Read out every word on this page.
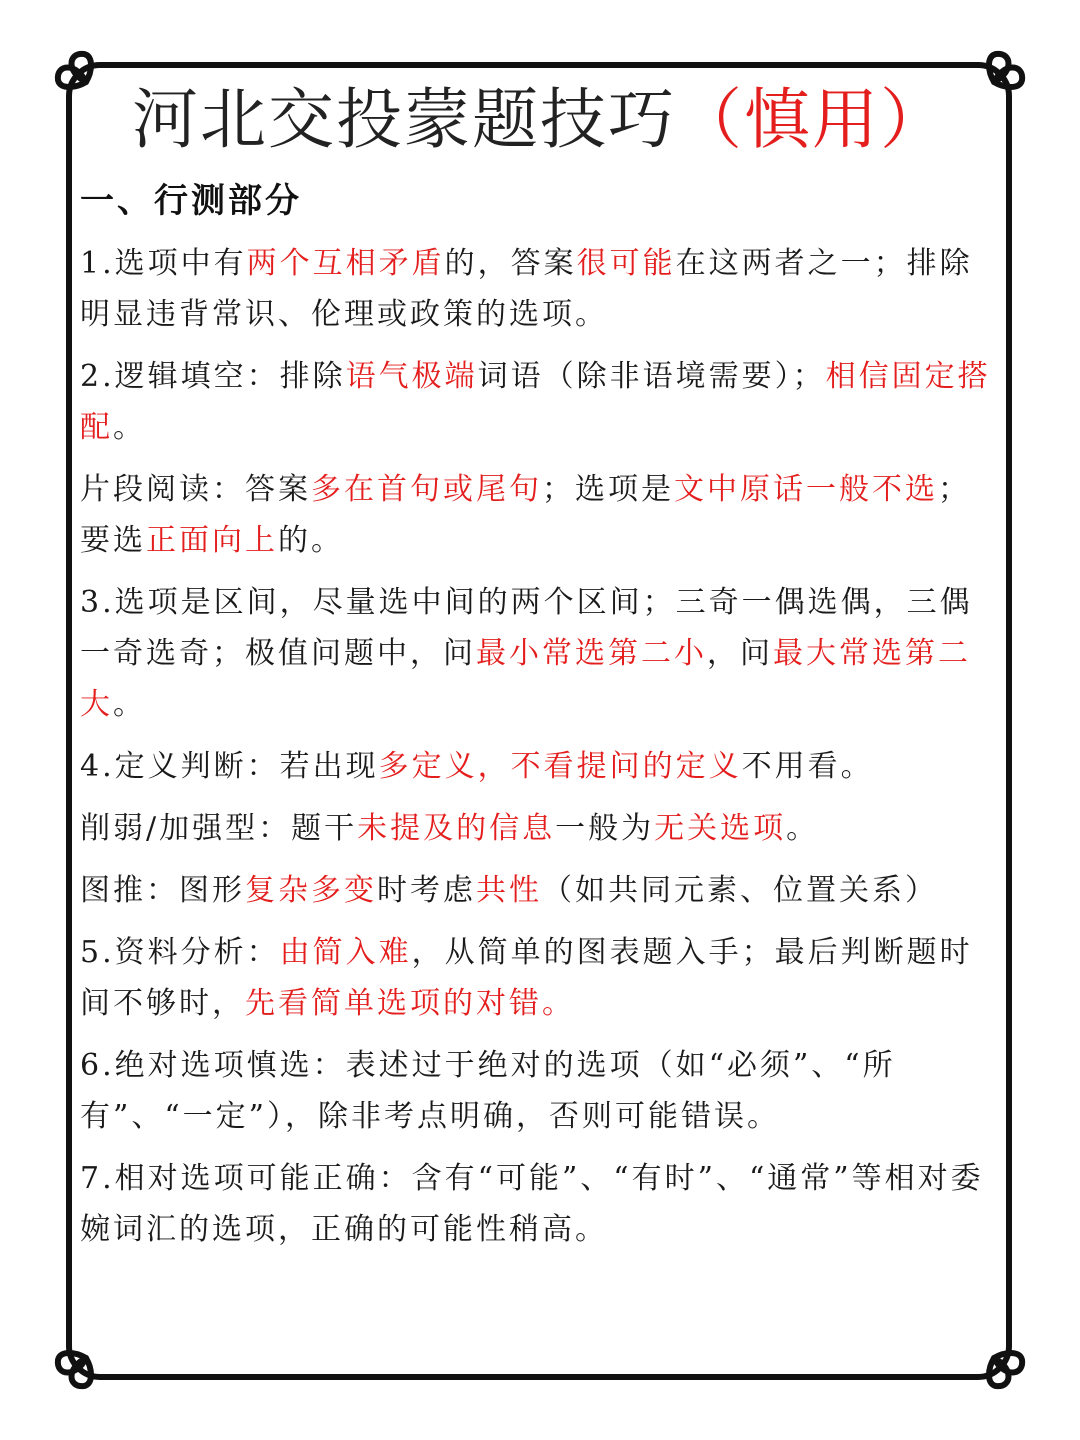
河北交投蒙题技巧（慎用）
一、行测部分
1.选项中有两个互相矛盾的，答案很可能在这两者之一；排除明显违背常识、伦理或政策的选项。
2.逻辑填空：排除语气极端词语（除非语境需要）；相信固定搭配。
片段阅读：答案多在首句或尾句；选项是文中原话一般不选；要选正面向上的。
3.选项是区间，尽量选中间的两个区间；三奇一偶选偶，三偶一奇选奇；极值问题中，问最小常选第二小，问最大常选第二大。
4.定义判断：若出现多定义，不看提问的定义不用看。
削弱/加强型：题干未提及的信息一般为无关选项。
图推：图形复杂多变时考虑共性（如共同元素、位置关系）
5.资料分析：由简入难，从简单的图表题入手；最后判断题时间不够时，先看简单选项的对错。
6.绝对选项慎选：表述过于绝对的选项（如“必须”、“所有”、“一定”），除非考点明确，否则可能错误。
7.相对选项可能正确：含有“可能”、“有时”、“通常”等相对委婉词汇的选项，正确的可能性稍高。
